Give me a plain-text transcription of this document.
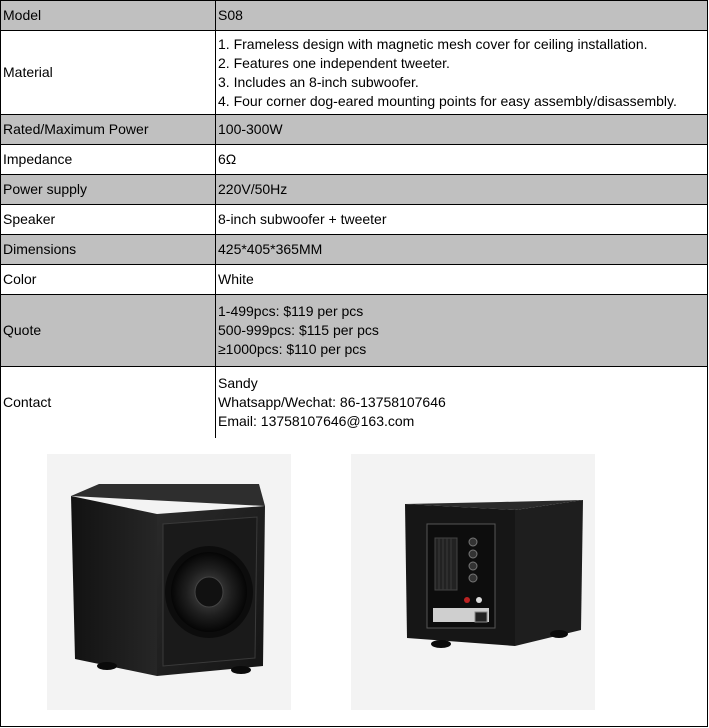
Model	S08

Material	1. Frameless design with magnetic mesh cover for ceiling installation.
2. Features one independent tweeter.
3. Includes an 8-inch subwoofer.
4. Four corner dog-eared mounting points for easy assembly/disassembly.

Rated/Maximum Power	100-300W

Impedance	6Ω

Power supply	220V/50Hz

Speaker	8-inch subwoofer + tweeter

Dimensions	425*405*365MM

Color	White

Quote	1-499pcs: $119 per pcs
500-999pcs: $115 per pcs
≥1000pcs: $110 per pcs

Contact	Sandy
Whatsapp/Wechat: 86-13758107646
Email: 13758107646@163.com
